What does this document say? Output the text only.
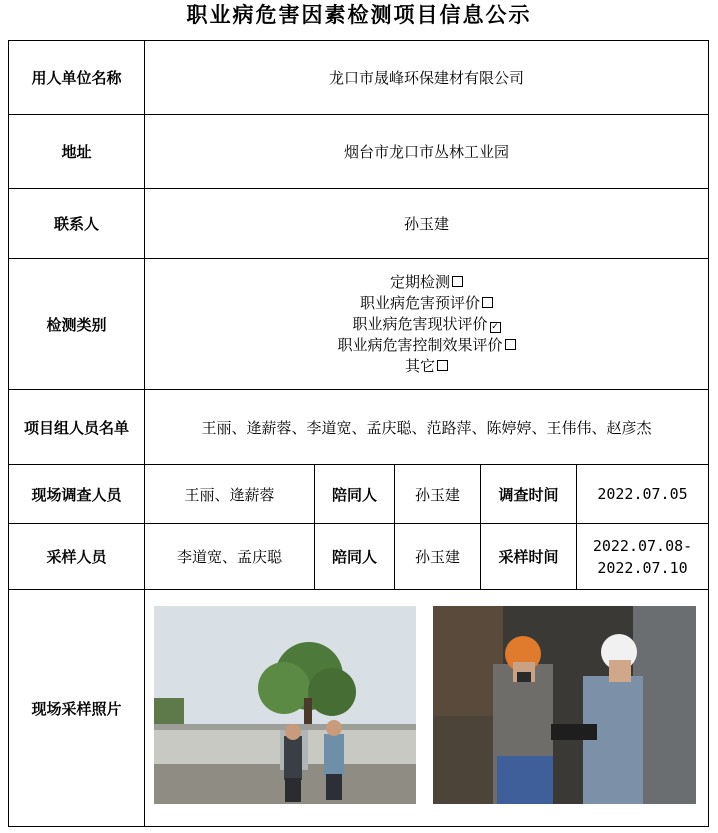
职业病危害因素检测项目信息公示
用人单位名称	龙口市晟峰环保建材有限公司				
地址	烟台市龙口市丛林工业园				
联系人	孙玉建				
检测类别	定期检测
职业病危害预评价
职业病危害现状评价 ✓
职业病危害控制效果评价
其它				

项目组人员名单	王丽、逄薪蓉、李道宽、孟庆聪、范路萍、陈婷婷、王伟伟、赵彦杰				
现场调查人员	王丽、逄薪蓉	陪同人	孙玉建	调查时间	2022.07.05
采样人员	李道宽、孟庆聪	陪同人	孙玉建	采样时间	2022.07.08-
2022.07.10

现场采样照片	
